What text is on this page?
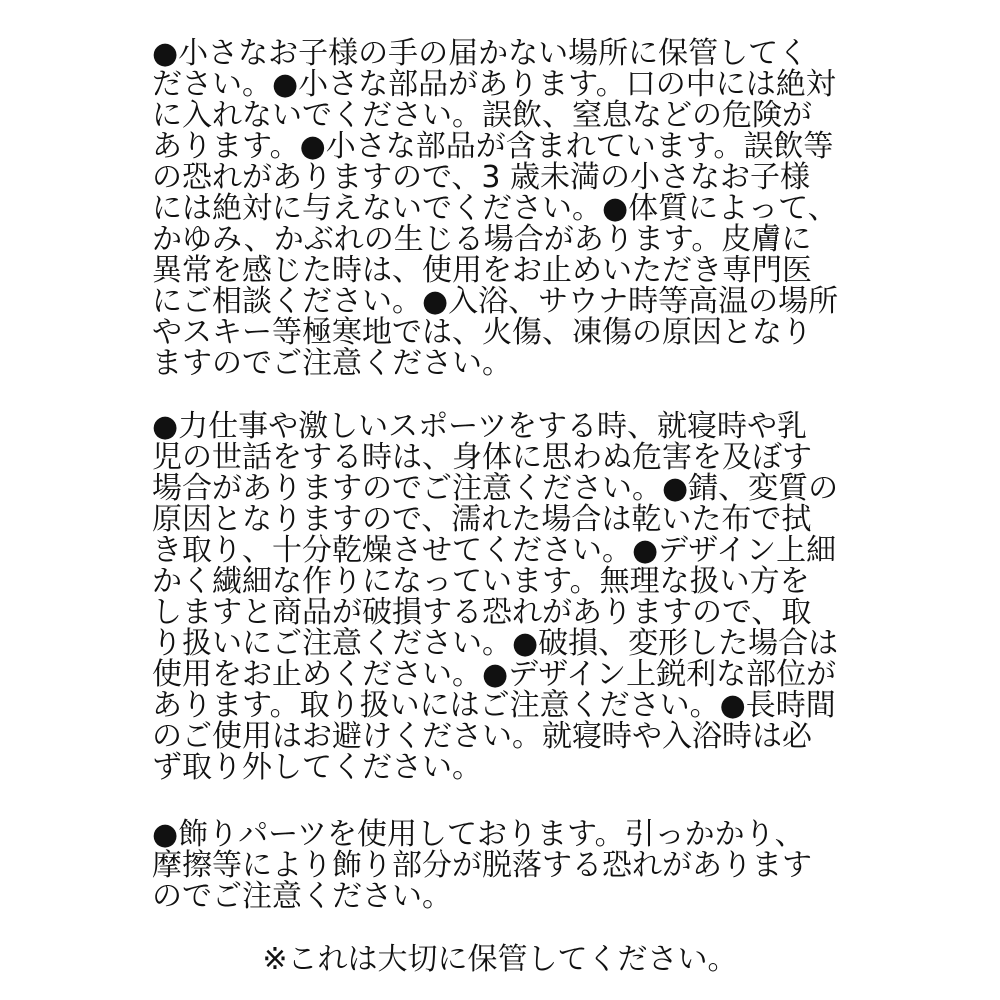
●小さなお子様の手の届かない場所に保管してく
ださい。●小さな部品があります。口の中には絶対
に入れないでください。誤飲、窒息などの危険が
あります。●小さな部品が含まれています。誤飲等
の恐れがありますので、3 歳未満の小さなお子様
には絶対に与えないでください。●体質によって、
かゆみ、かぶれの生じる場合があります。皮膚に
異常を感じた時は、使用をお止めいただき専門医
にご相談ください。●入浴、サウナ時等高温の場所
やスキー等極寒地では、火傷、凍傷の原因となり
ますのでご注意ください。

●力仕事や激しいスポーツをする時、就寝時や乳
児の世話をする時は、身体に思わぬ危害を及ぼす
場合がありますのでご注意ください。●錆、変質の
原因となりますので、濡れた場合は乾いた布で拭
き取り、十分乾燥させてください。●デザイン上細
かく繊細な作りになっています。無理な扱い方を
しますと商品が破損する恐れがありますので、取
り扱いにご注意ください。●破損、変形した場合は
使用をお止めください。●デザイン上鋭利な部位が
あります。取り扱いにはご注意ください。●長時間
のご使用はお避けください。就寝時や入浴時は必
ず取り外してください。

●飾りパーツを使用しております。引っかかり、
摩擦等により飾り部分が脱落する恐れがあります
のでご注意ください。

※これは大切に保管してください。
